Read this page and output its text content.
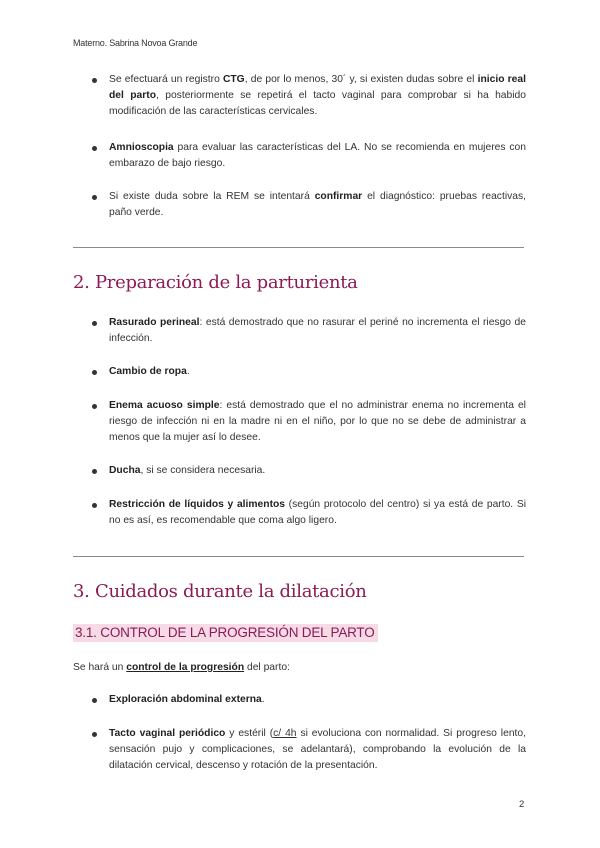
Materno. Sabrina Novoa Grande
Se efectuará un registro CTG, de por lo menos, 30´ y, si existen dudas sobre el inicio real del parto, posteriormente se repetirá el tacto vaginal para comprobar si ha habido modificación de las características cervicales.
Amnioscopia para evaluar las características del LA. No se recomienda en mujeres con embarazo de bajo riesgo.
Si existe duda sobre la REM se intentará confirmar el diagnóstico: pruebas reactivas, paño verde.
2. Preparación de la parturienta
Rasurado perineal: está demostrado que no rasurar el periné no incrementa el riesgo de infección.
Cambio de ropa.
Enema acuoso simple: está demostrado que el no administrar enema no incrementa el riesgo de infección ni en la madre ni en el niño, por lo que no se debe de administrar a menos que la mujer así lo desee.
Ducha, si se considera necesaria.
Restricción de líquidos y alimentos (según protocolo del centro) si ya está de parto. Si no es así, es recomendable que coma algo ligero.
3. Cuidados durante la dilatación
3.1. CONTROL DE LA PROGRESIÓN DEL PARTO
Se hará un control de la progresión del parto:
Exploración abdominal externa.
Tacto vaginal periódico y estéril (c/ 4h si evoluciona con normalidad. Si progreso lento, sensación pujo y complicaciones, se adelantará), comprobando la evolución de la dilatación cervical, descenso y rotación de la presentación.
2
